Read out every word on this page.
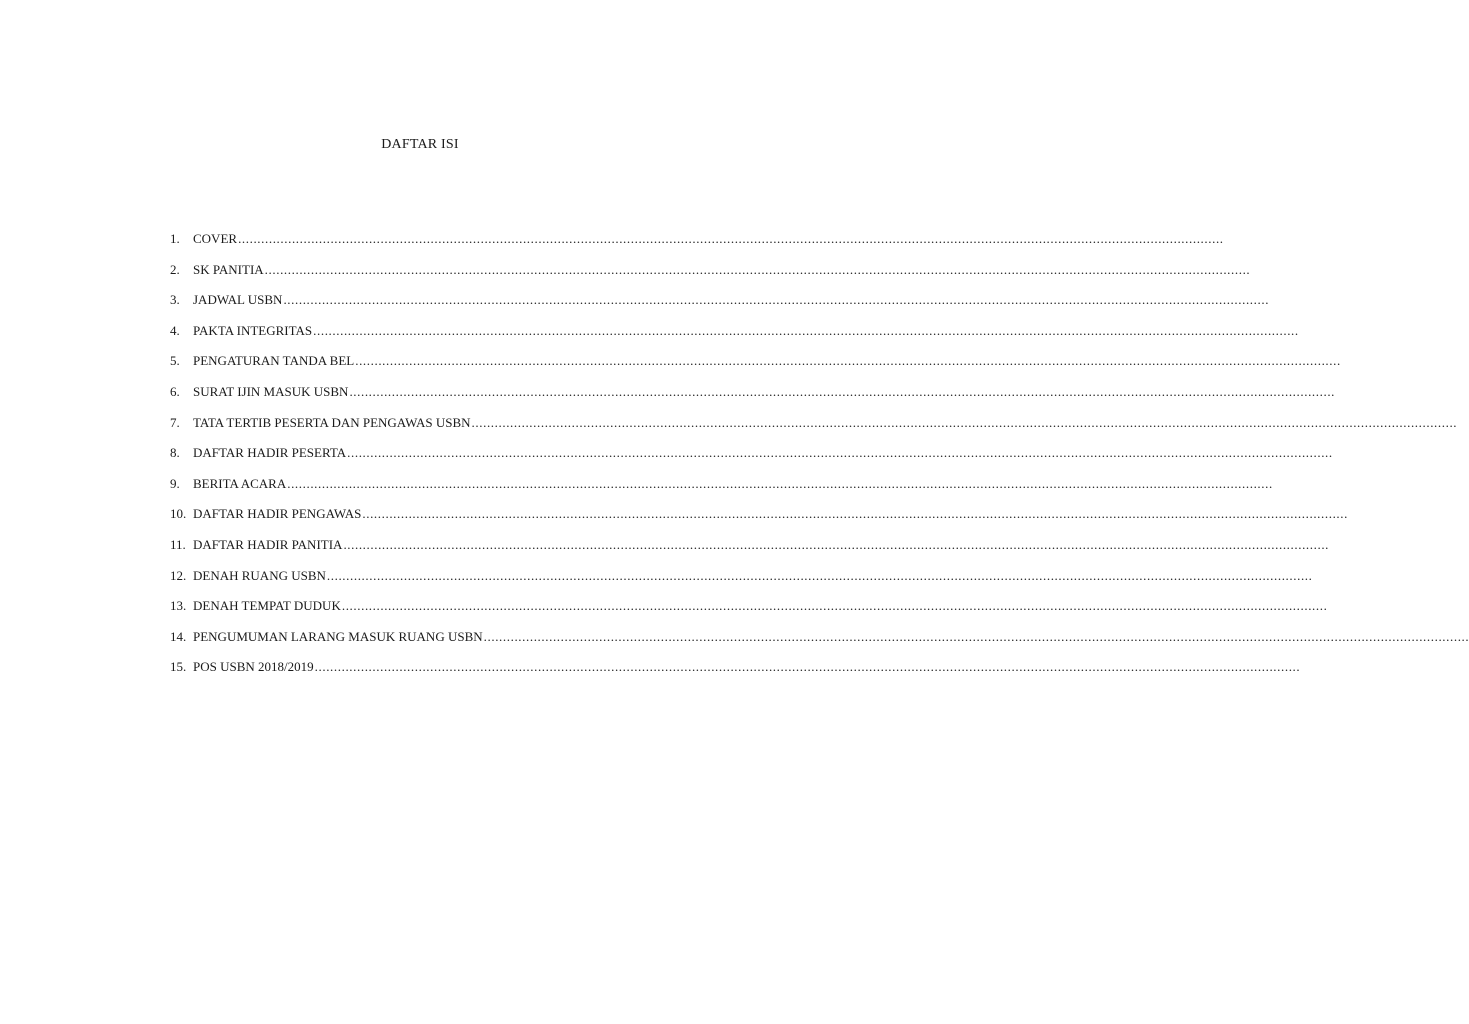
DAFTAR ISI
1.	COVER ................................................................................................................................................................................................................................................................
2.	SK PANITIA ................................................................................................................................................................................................................................................................
3.	JADWAL USBN ................................................................................................................................................................................................................................................................
4.	PAKTA INTEGRITAS ................................................................................................................................................................................................................................................................
5.	PENGATURAN TANDA BEL ................................................................................................................................................................................................................................................................
6.	SURAT IJIN MASUK USBN ................................................................................................................................................................................................................................................................
7.	TATA TERTIB PESERTA DAN PENGAWAS USBN ................................................................................................................................................................................................................................................................
8.	DAFTAR HADIR PESERTA ................................................................................................................................................................................................................................................................
9.	BERITA ACARA ................................................................................................................................................................................................................................................................
10. DAFTAR HADIR PENGAWAS ................................................................................................................................................................................................................................................................
11. DAFTAR HADIR PANITIA ................................................................................................................................................................................................................................................................
12. DENAH RUANG USBN ................................................................................................................................................................................................................................................................
13. DENAH TEMPAT DUDUK ................................................................................................................................................................................................................................................................
14. PENGUMUMAN LARANG MASUK RUANG USBN ................................................................................................................................................................................................................................................................
15. POS USBN 2018/2019 ................................................................................................................................................................................................................................................................
